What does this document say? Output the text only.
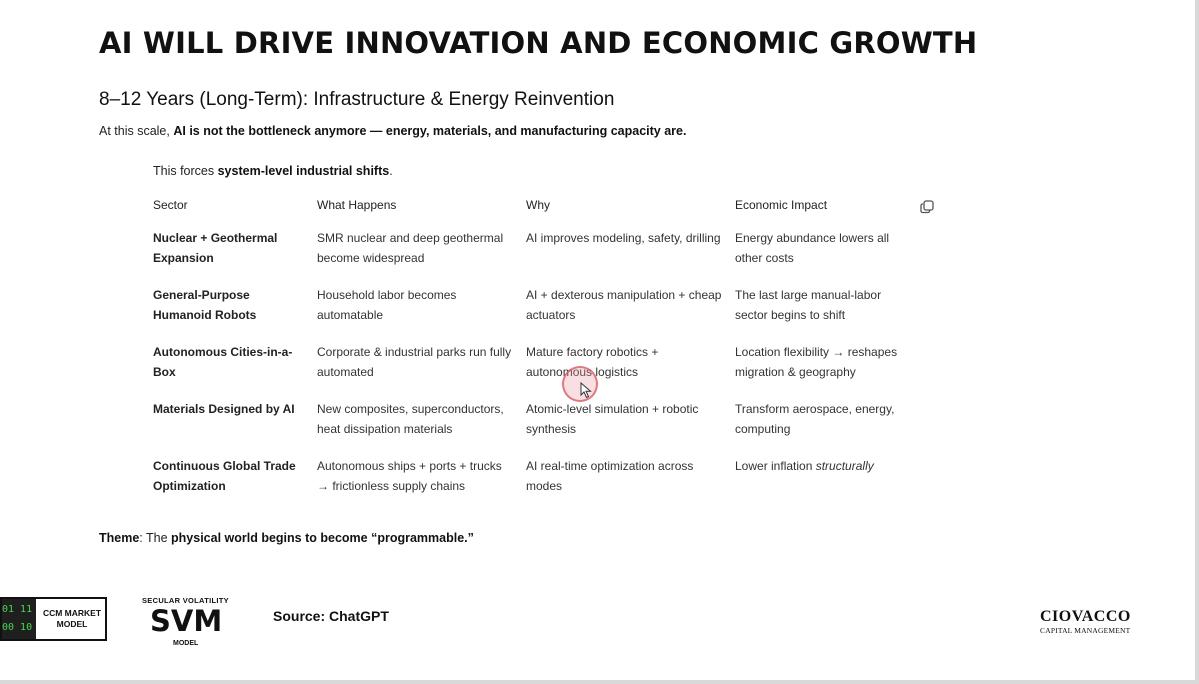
AI WILL DRIVE INNOVATION AND ECONOMIC GROWTH
8–12 Years (Long-Term): Infrastructure & Energy Reinvention

At this scale, AI is not the bottleneck anymore — energy, materials, and manufacturing capacity are.

This forces system-level industrial shifts.

Sector	What Happens	Why	Economic Impact
Nuclear + Geothermal Expansion	SMR nuclear and deep geothermal become widespread	AI improves modeling, safety, drilling	Energy abundance lowers all other costs
General-Purpose Humanoid Robots	Household labor becomes automatable	AI + dexterous manipulation + cheap actuators	The last large manual-labor sector begins to shift
Autonomous Cities-in-a-Box	Corporate & industrial parks run fully automated	Mature factory robotics + autonomous logistics	Location flexibility → reshapes migration & geography
Materials Designed by AI	New composites, superconductors, heat dissipation materials	Atomic-level simulation + robotic synthesis	Transform aerospace, energy, computing
Continuous Global Trade Optimization	Autonomous ships + ports + trucks → frictionless supply chains	AI real-time optimization across modes	Lower inflation structurally

Theme: The physical world begins to become “programmable.”

01 11
00 10
CCM MARKET MODEL
SECULAR VOLATILITY
SVM
MODEL
Source: ChatGPT	CIOVACCO
CAPITAL MANAGEMENT
